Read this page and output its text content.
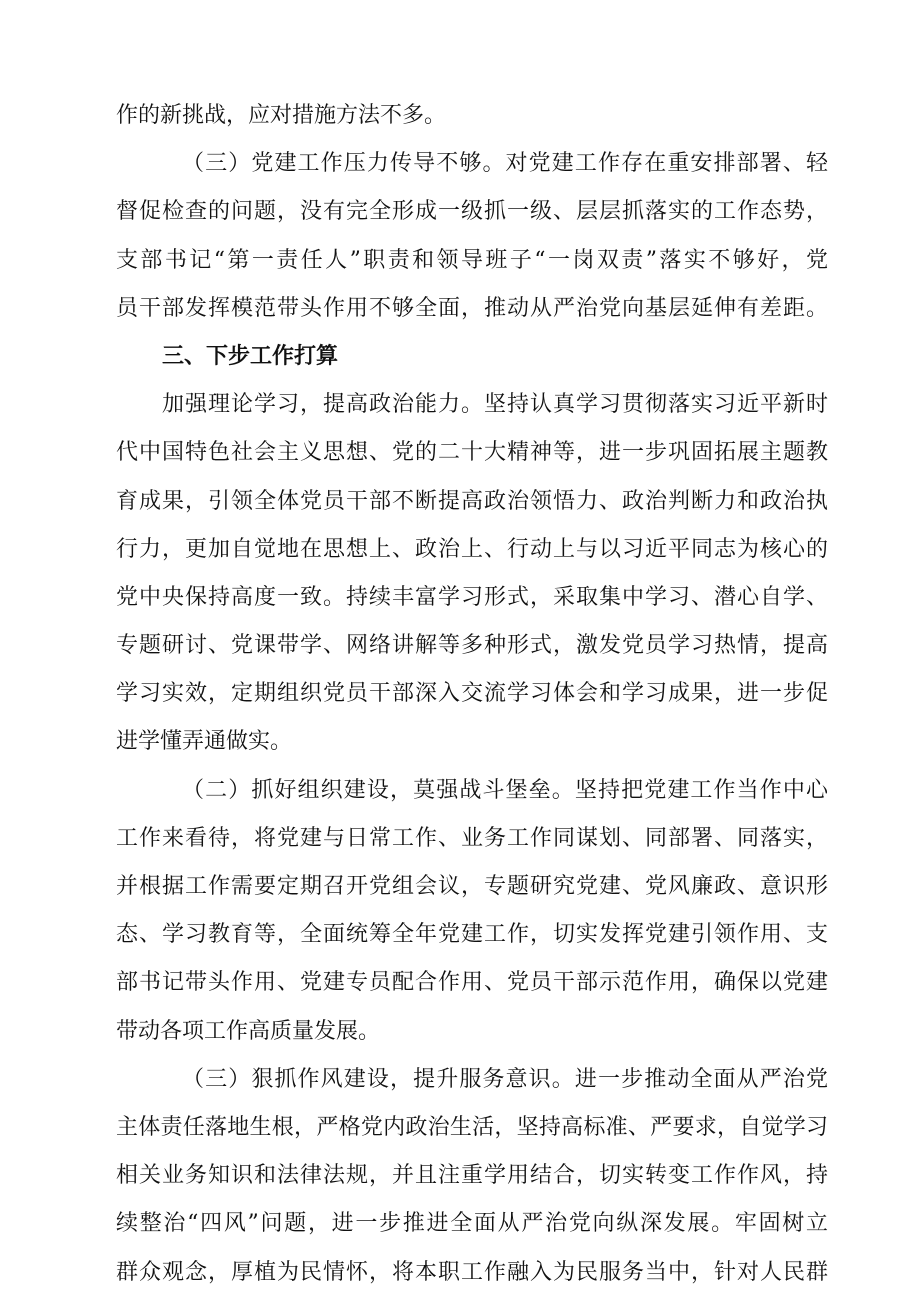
作的新挑战，应对措施方法不多。
（三）党建工作压力传导不够。对党建工作存在重安排部署、轻
督促检查的问题，没有完全形成一级抓一级、层层抓落实的工作态势，
支部书记“第一责任人”职责和领导班子“一岗双责”落实不够好，党
员干部发挥模范带头作用不够全面，推动从严治党向基层延伸有差距。
三、下步工作打算
加强理论学习，提高政治能力。坚持认真学习贯彻落实习近平新时
代中国特色社会主义思想、党的二十大精神等，进一步巩固拓展主题教
育成果，引领全体党员干部不断提高政治领悟力、政治判断力和政治执
行力，更加自觉地在思想上、政治上、行动上与以习近平同志为核心的
党中央保持高度一致。持续丰富学习形式，采取集中学习、潜心自学、
专题研讨、党课带学、网络讲解等多种形式，激发党员学习热情，提高
学习实效，定期组织党员干部深入交流学习体会和学习成果，进一步促
进学懂弄通做实。
（二）抓好组织建设，莫强战斗堡垒。坚持把党建工作当作中心
工作来看待，将党建与日常工作、业务工作同谋划、同部署、同落实，
并根据工作需要定期召开党组会议，专题研究党建、党风廉政、意识形
态、学习教育等，全面统筹全年党建工作，切实发挥党建引领作用、支
部书记带头作用、党建专员配合作用、党员干部示范作用，确保以党建
带动各项工作高质量发展。
（三）狠抓作风建设，提升服务意识。进一步推动全面从严治党
主体责任落地生根，严格党内政治生活，坚持高标准、严要求，自觉学习
相关业务知识和法律法规，并且注重学用结合，切实转变工作作风，持
续整治“四风”问题，进一步推进全面从严治党向纵深发展。牢固树立
群众观念，厚植为民情怀，将本职工作融入为民服务当中，针对人民群
